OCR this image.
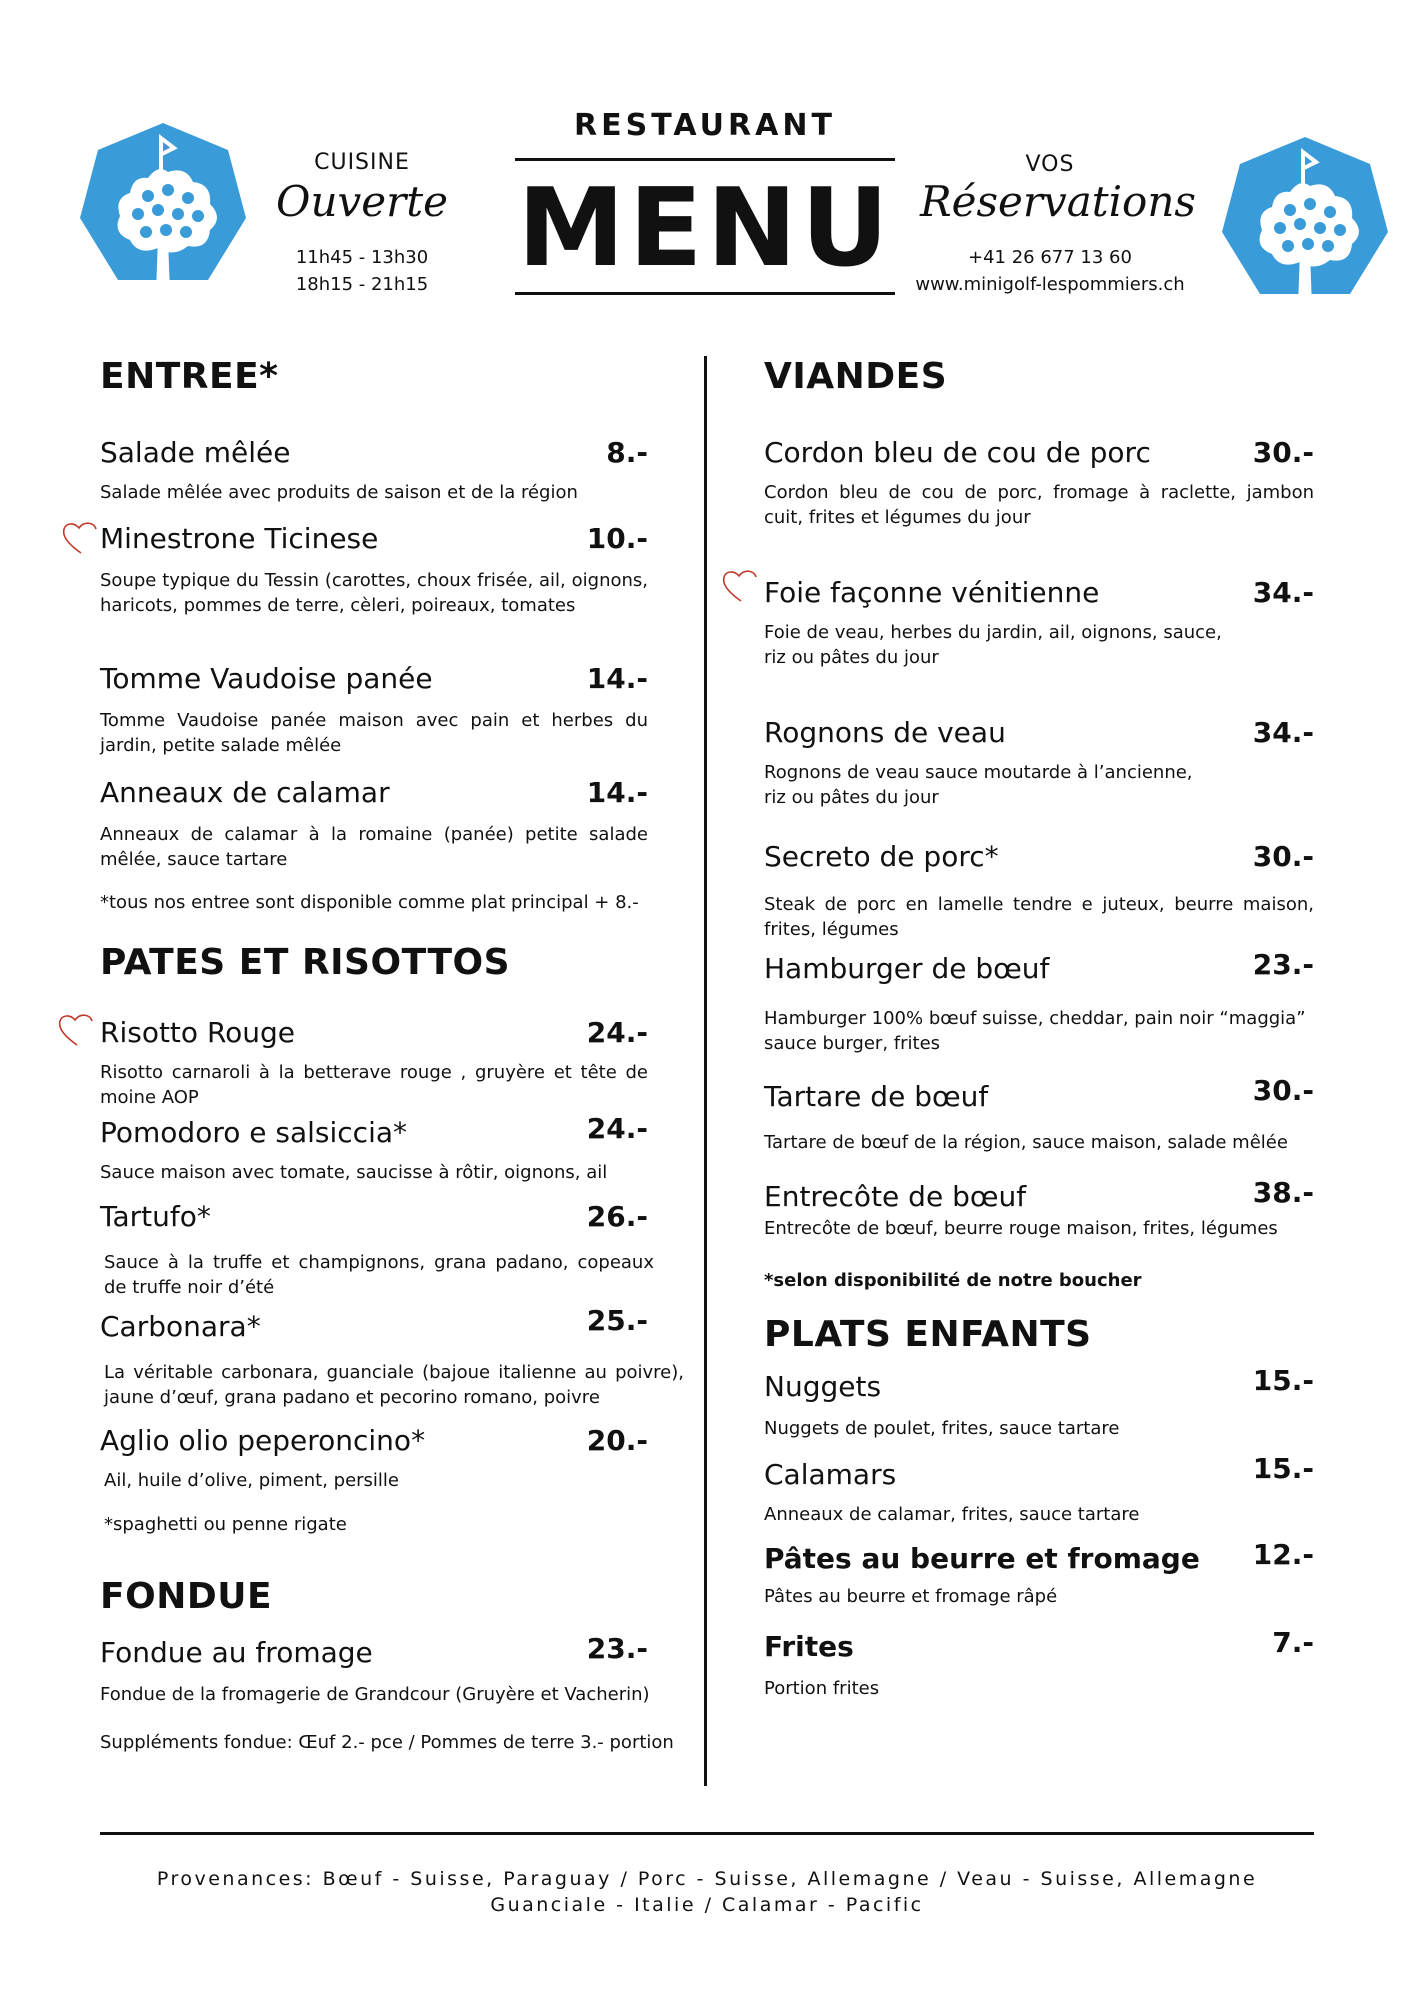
CUISINE
Ouverte
11h45 - 13h30
18h15 - 21h15
RESTAURANT
MENU
VOS
Réservations
+41 26 677 13 60
www.minigolf-lespommiers.ch
ENTREE*
Salade mêlée	8.-
Salade mêlée avec produits de saison et de la région
Minestrone Ticinese	10.-
Soupe typique du Tessin (carottes, choux frisée, ail, oignons, haricots, pommes de terre, cèleri, poireaux, tomates
Tomme Vaudoise panée	14.-
Tomme Vaudoise panée maison avec pain et herbes du jardin, petite salade mêlée
Anneaux de calamar	14.-
Anneaux de calamar à la romaine (panée) petite salade mêlée, sauce tartare
*tous nos entree sont disponible comme plat principal + 8.-
PATES ET RISOTTOS
Risotto Rouge	24.-
Risotto carnaroli à la betterave rouge , gruyère et tête de moine AOP
Pomodoro e salsiccia*	24.-
Sauce maison avec tomate, saucisse à rôtir, oignons, ail
Tartufo*	26.-
Sauce à la truffe et champignons, grana padano, copeaux de truffe noir d’été
Carbonara*	25.-
La véritable carbonara, guanciale (bajoue italienne au poivre), jaune d’œuf, grana padano et pecorino romano, poivre
Aglio olio peperoncino*	20.-
Ail, huile d’olive, piment, persille
*spaghetti ou penne rigate
FONDUE
Fondue au fromage	23.-
Fondue de la fromagerie de Grandcour (Gruyère et Vacherin)
Suppléments fondue: Œuf 2.- pce / Pommes de terre 3.- portion
VIANDES
Cordon bleu de cou de porc	30.-
Cordon bleu de cou de porc, fromage à raclette, jambon cuit, frites et légumes du jour
Foie façonne vénitienne	34.-
Foie de veau, herbes du jardin, ail, oignons, sauce, riz ou pâtes du jour
Rognons de veau	34.-
Rognons de veau sauce moutarde à l’ancienne, riz ou pâtes du jour
Secreto de porc*	30.-
Steak de porc en lamelle tendre e juteux, beurre maison, frites, légumes
Hamburger de bœuf	23.-
Hamburger 100% bœuf suisse, cheddar, pain noir “maggia” sauce burger, frites
Tartare de bœuf	30.-
Tartare de bœuf de la région, sauce maison, salade mêlée
Entrecôte de bœuf	38.-
Entrecôte de bœuf, beurre rouge maison, frites, légumes
*selon disponibilité de notre boucher
PLATS ENFANTS
Nuggets	15.-
Nuggets de poulet, frites, sauce tartare
Calamars	15.-
Anneaux de calamar, frites, sauce tartare
Pâtes au beurre et fromage 12.-
Pâtes au beurre et fromage râpé
Frites	7.-
Portion frites
Provenances: Bœuf - Suisse, Paraguay / Porc - Suisse, Allemagne / Veau - Suisse, Allemagne
Guanciale - Italie / Calamar - Pacific
